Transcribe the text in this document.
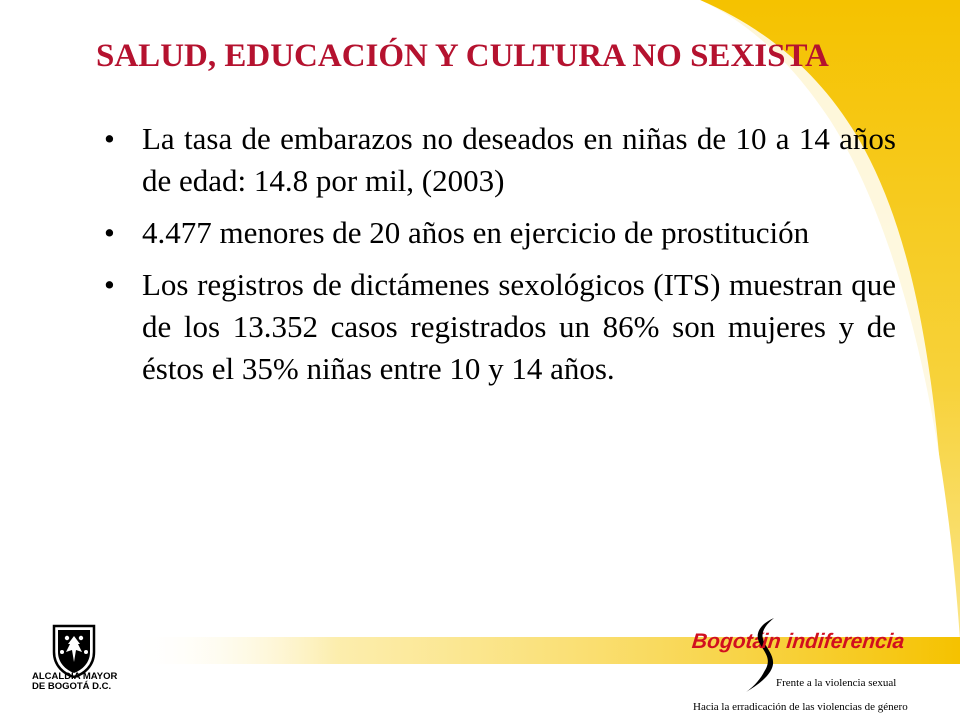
SALUD, EDUCACIÓN Y CULTURA NO SEXISTA
• La tasa de embarazos no deseados en niñas de 10 a 14 años de edad: 14.8 por mil, (2003)
• 4.477 menores de 20 años en ejercicio de prostitución
• Los registros de dictámenes sexológicos (ITS) muestran que de los 13.352 casos registrados un 86% son mujeres y de éstos el 35% niñas entre 10 y 14 años.
ALCALDIA MAYOR
DE BOGOTÁ D.C.
Bogotá
in indiferencia
Frente a la violencia sexual
Hacia la erradicación de las violencias de género
